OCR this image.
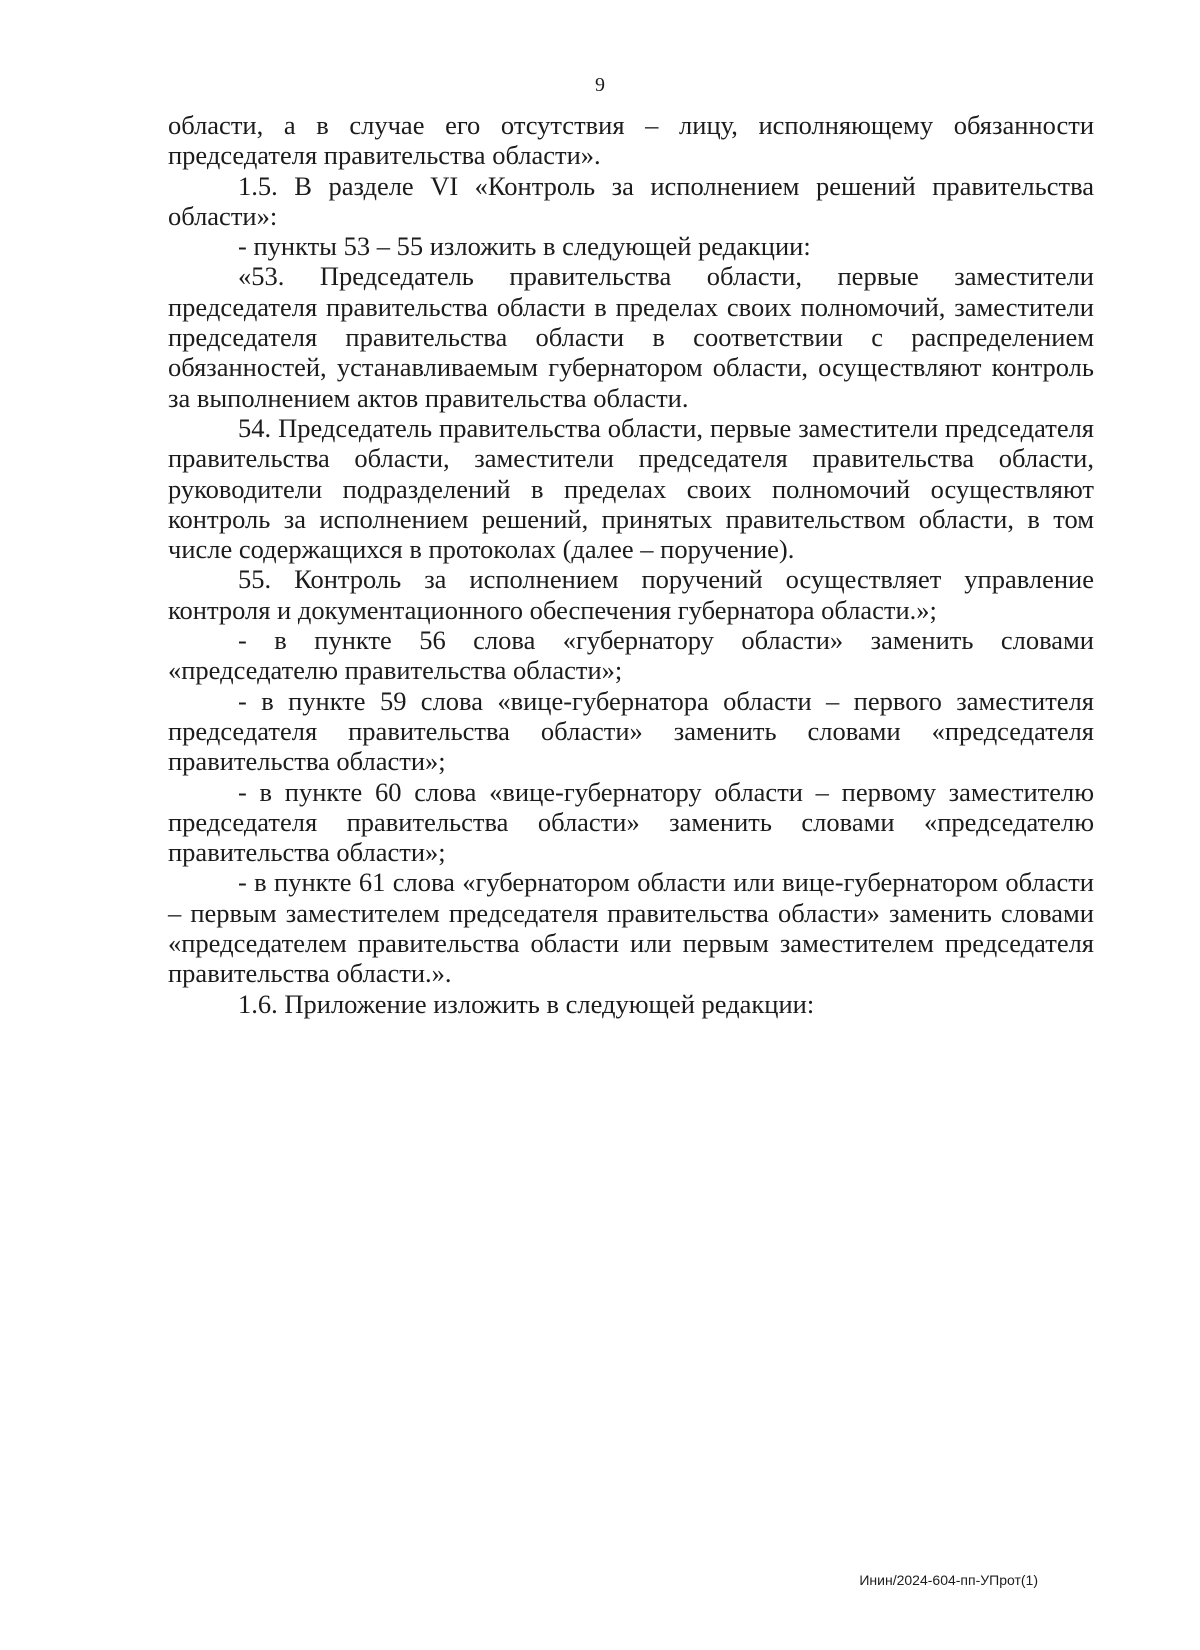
9

области, а в случае его отсутствия – лицу, исполняющему обязанности председателя правительства области».

1.5. В разделе VI «Контроль за исполнением решений правительства области»:

- пункты 53 – 55 изложить в следующей редакции:

«53. Председатель правительства области, первые заместители председателя правительства области в пределах своих полномочий, заместители председателя правительства области в соответствии с распределением обязанностей, устанавливаемым губернатором области, осуществляют контроль за выполнением актов правительства области.

54. Председатель правительства области, первые заместители председателя правительства области, заместители председателя правительства области, руководители подразделений в пределах своих полномочий осуществляют контроль за исполнением решений, принятых правительством области, в том числе содержащихся в протоколах (далее – поручение).

55. Контроль за исполнением поручений осуществляет управление контроля и документационного обеспечения губернатора области.»;

- в пункте 56 слова «губернатору области» заменить словами «председателю правительства области»;

- в пункте 59 слова «вице-губернатора области – первого заместителя председателя правительства области» заменить словами «председателя правительства области»;

- в пункте 60 слова «вице-губернатору области – первому заместителю председателя правительства области» заменить словами «председателю правительства области»;

- в пункте 61 слова «губернатором области или вице-губернатором области – первым заместителем председателя правительства области» заменить словами «председателем правительства области или первым заместителем председателя правительства области.».

1.6. Приложение изложить в следующей редакции:

Инин/2024-604-пп-УПрот(1)
